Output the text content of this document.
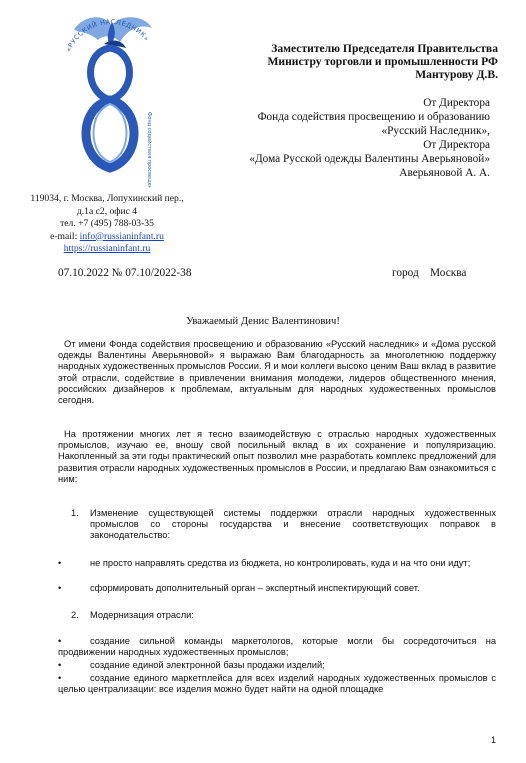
«РУССКИЙ НАСЛЕДНИК»
Фонд содействия просвещению и образованию
119034, г. Москва, Лопухинский пер.,
д.1а с2, офис 4
тел. +7 (495) 788-03-35
e-mail: info@russianinfant.ru
https://russianinfant.ru
Заместителю Председателя Правительства
Министру торговли и промышленности РФ
Мантурову Д.В.
От Директора
Фонда содействия просвещению и образованию
«Русский Наследник»,
От Директора
«Дома Русской одежды Валентины Аверьяновой»
Аверьяновой А. А.
07.10.2022 № 07.10/2022-38	город    Москва
Уважаемый Денис Валентинович!
От имени Фонда содействия просвещению и образованию «Русский наследник» и «Дома русской одежды Валентины Аверьяновой» я выражаю Вам благодарность за многолетнюю поддержку народных художественных промыслов России. Я и мои коллеги высоко ценим Ваш вклад в развитие этой отрасли, содействие в привлечении внимания молодежи, лидеров общественного мнения, российских дизайнеров к проблемам, актуальным для народных художественных промыслов сегодня.
На протяжении многих лет я тесно взаимодействую с отраслью народных художественных промыслов, изучаю ее, вношу свой посильный вклад в их сохранение и популяризацию. Накопленный за эти годы практический опыт позволил мне разработать комплекс предложений для развития отрасли народных художественных промыслов в России, и предлагаю Вам ознакомиться с ним:
1. Изменение существующей системы поддержки отрасли народных художественных промыслов со стороны государства и внесение соответствующих поправок в законодательство:
•	не просто направлять средства из бюджета, но контролировать, куда и на что они идут;
•	сформировать дополнительный орган – экспертный инспектирующий совет.
2. Модернизация отрасли:
•	создание сильной команды маркетологов, которые могли бы сосредоточиться на продвижении народных художественных промыслов;
•	создание единой электронной базы продажи изделий;
•	создание единого маркетплейса для всех изделий народных художественных промыслов с целью централизации: все изделия можно будет найти на одной площадке
1
